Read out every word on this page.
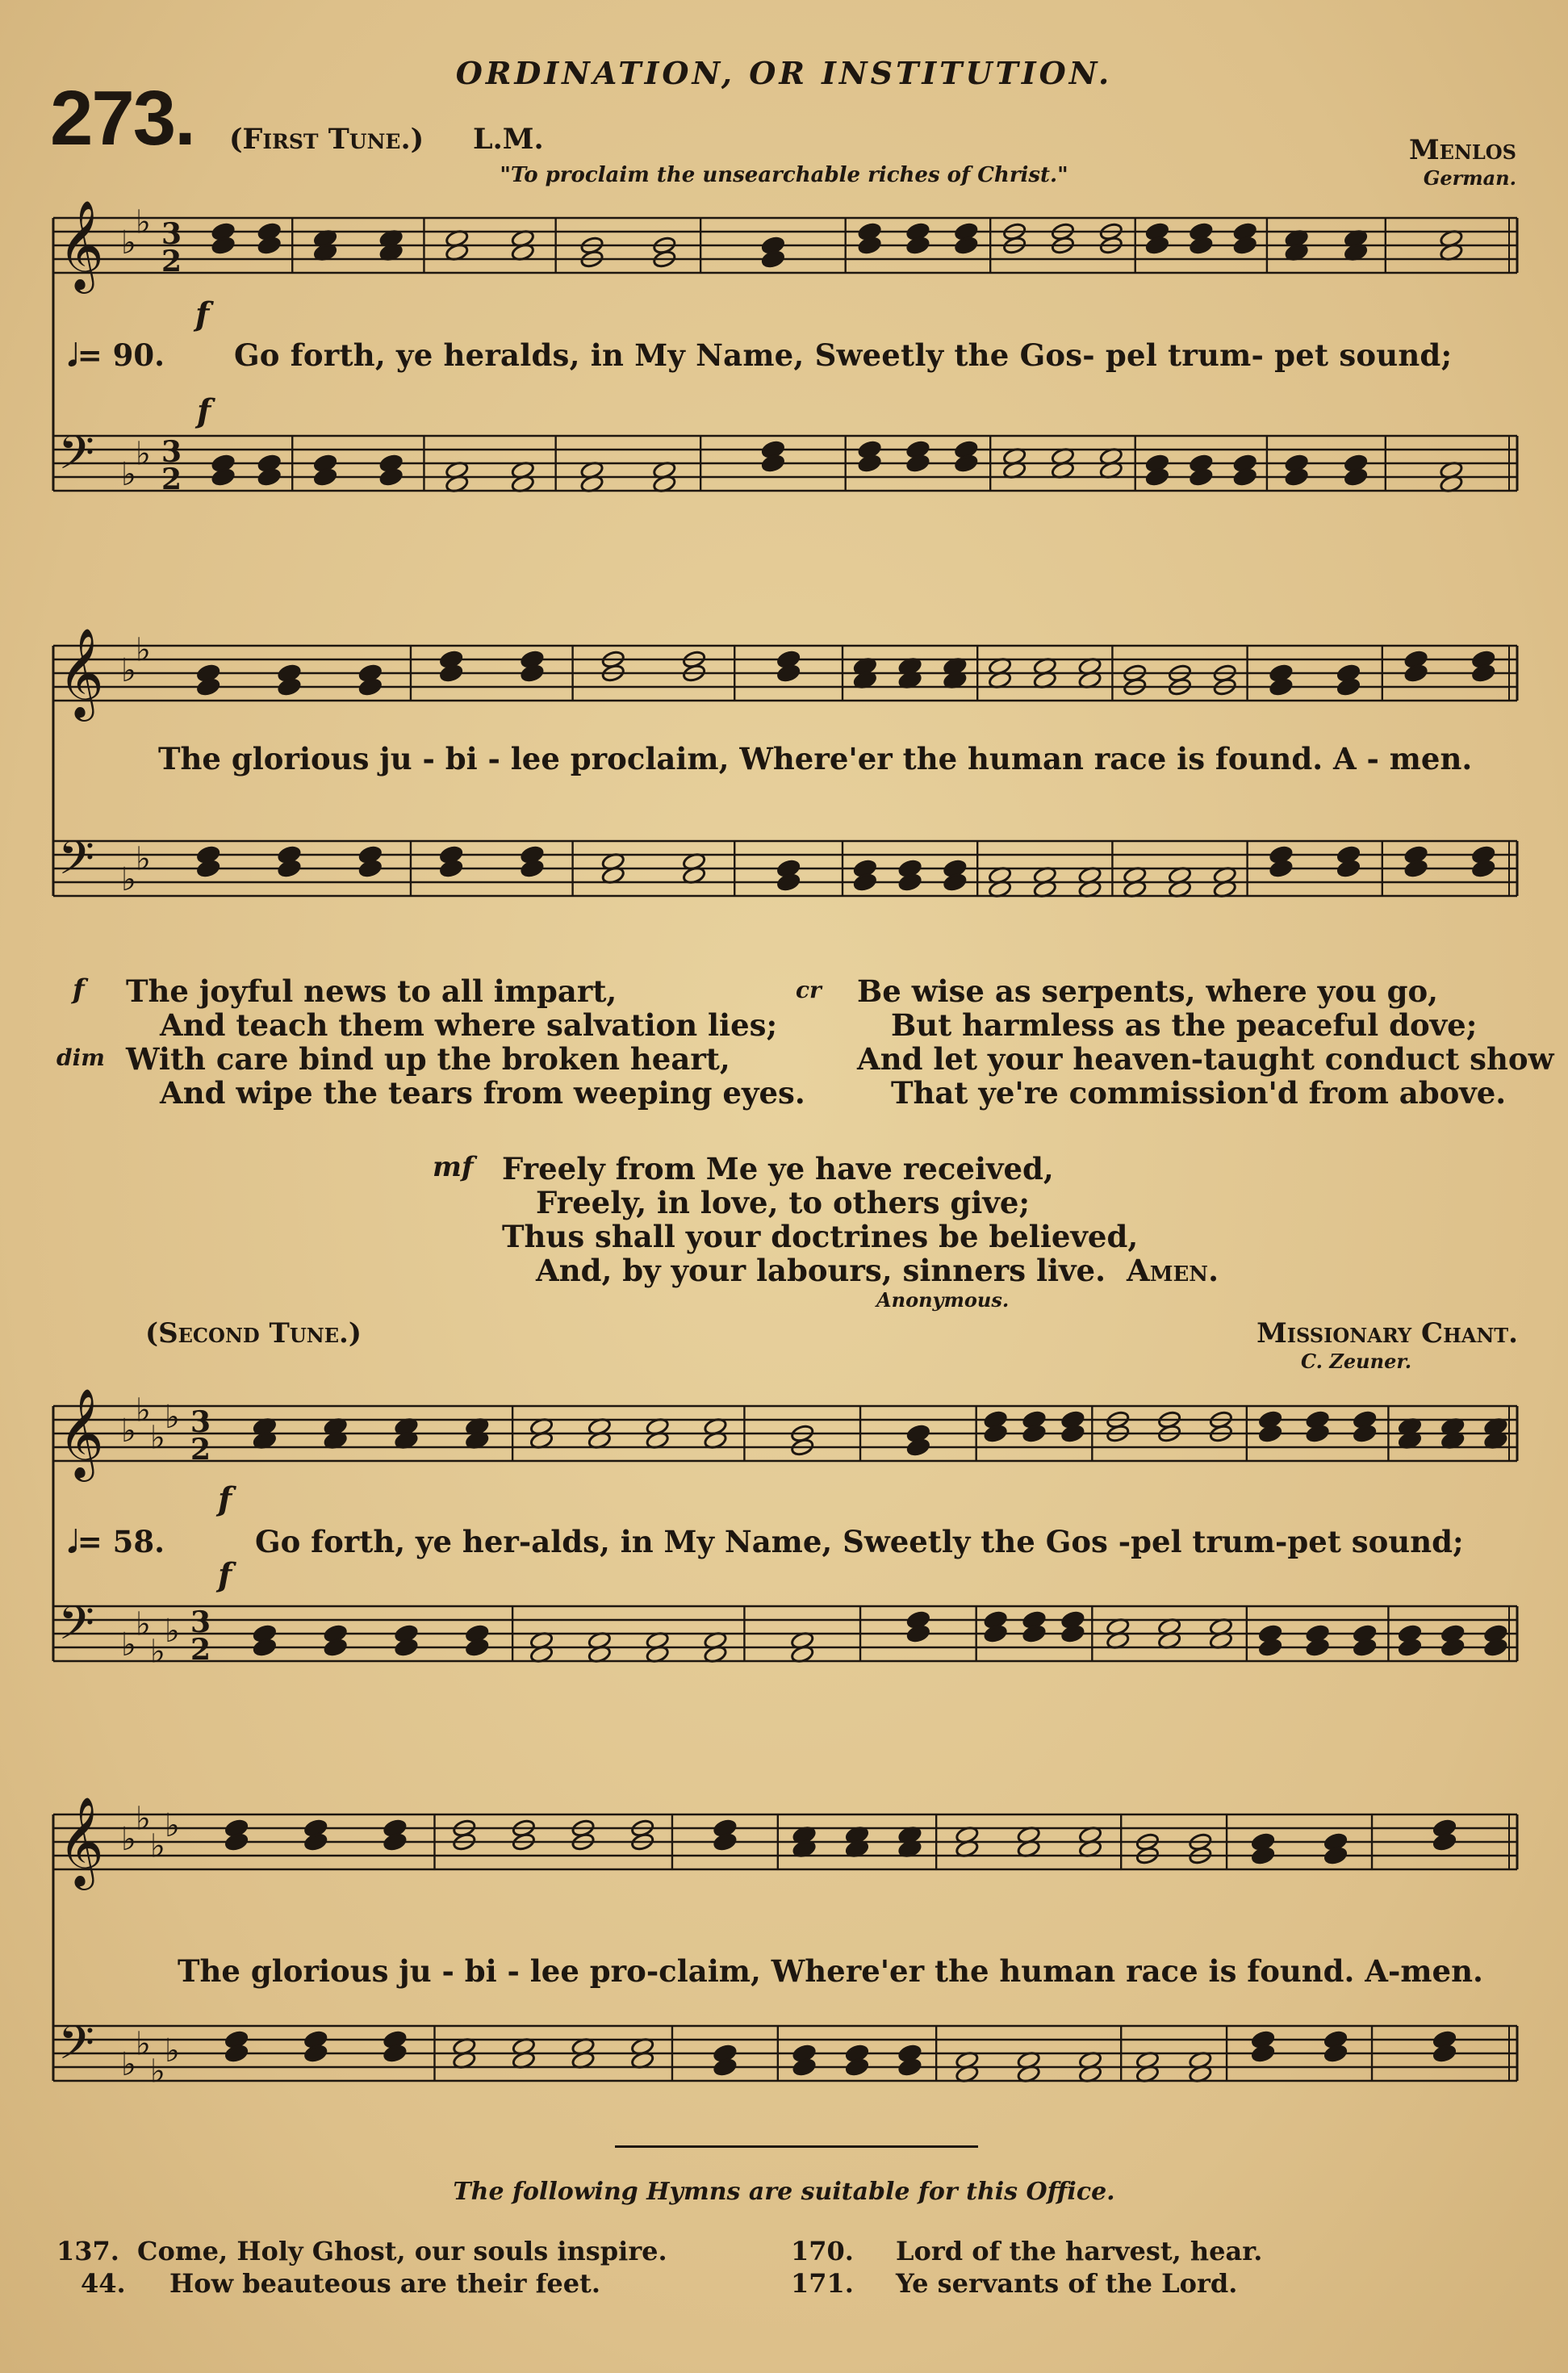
ORDINATION, OR INSTITUTION.
273. (First Tune.) L.M.
"To proclaim the unsearchable riches of Christ."
Menlos
German.
𝄞 ♭
♭ 3
2
𝄢 ♭
♭ 3
2
𝄞 ♭
♭
𝄢 ♭
♭
𝄞 ♭
♭
♭
♭ 3
2
𝄢 ♭
♭
♭
♭ 3
2
𝄞 ♭
♭
♭
♭
𝄢 ♭
♭
♭
♭
f
𝅘𝅥= 90. Go forth, ye heralds, in My Name, Sweetly the Gos- pel trum- pet sound;
f
The glorious ju - bi - lee proclaim, Where'er the human race is found. A - men.
f The joyful news to all impart,
And teach them where salvation lies;
dim With care bind up the broken heart,
And wipe the tears from weeping eyes.
cr Be wise as serpents, where you go,
But harmless as the peaceful dove;
And let your heaven-taught conduct show
That ye're commission'd from above.
mf Freely from Me ye have received,
Freely, in love, to others give;
Thus shall your doctrines be believed,
And, by your labours, sinners live. Amen.
Anonymous.
(Second Tune.)	Missionary Chant.
C. Zeuner.
f
𝅘𝅥= 58.	Go forth, ye her-alds, in My Name, Sweetly the Gos -pel trum-pet sound;
f
The glorious ju - bi - lee pro-claim, Where'er the human race is found. A-men.
The following Hymns are suitable for this Office.
137. Come, Holy Ghost, our souls inspire.
44. How beauteous are their feet.
170. Lord of the harvest, hear.
171. Ye servants of the Lord.
